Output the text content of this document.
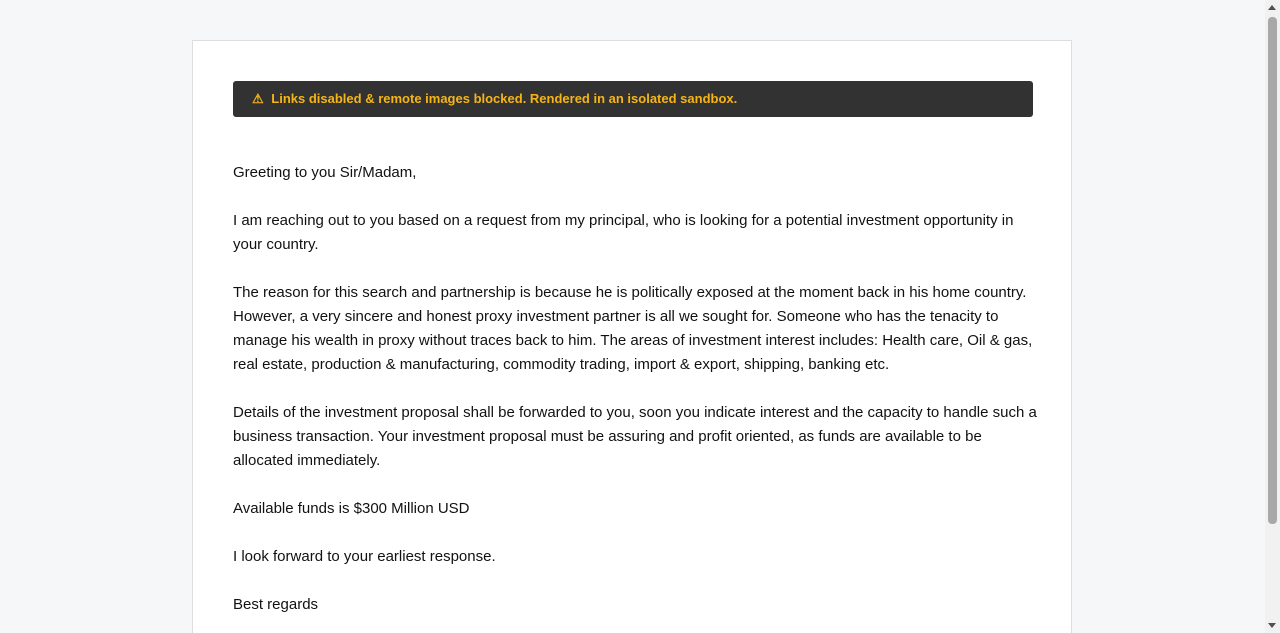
⚠ Links disabled & remote images blocked. Rendered in an isolated sandbox.

Greeting to you Sir/Madam,

I am reaching out to you based on a request from my principal, who is looking for a potential investment opportunity in your country.

The reason for this search and partnership is because he is politically exposed at the moment back in his home country. However, a very sincere and honest proxy investment partner is all we sought for. Someone who has the tenacity to manage his wealth in proxy without traces back to him. The areas of investment interest includes: Health care, Oil & gas, real estate, production & manufacturing, commodity trading, import & export, shipping, banking etc.

Details of the investment proposal shall be forwarded to you, soon you indicate interest and the capacity to handle such a business transaction. Your investment proposal must be assuring and profit oriented, as funds are available to be allocated immediately.

Available funds is $300 Million USD

I look forward to your earliest response.

Best regards
